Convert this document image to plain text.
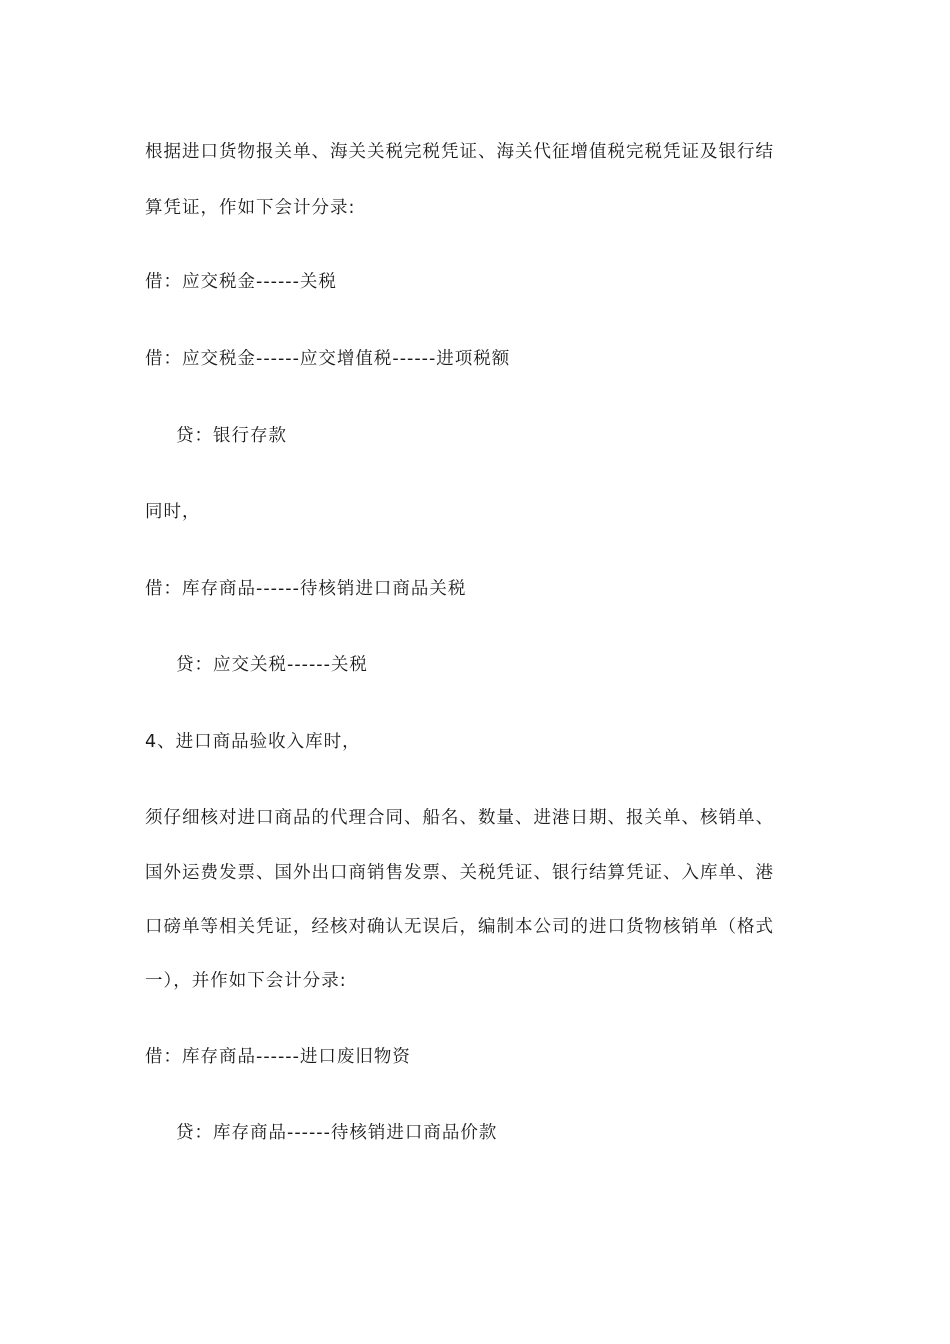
根据进口货物报关单、海关关税完税凭证、海关代征增值税完税凭证及银行结
算凭证，作如下会计分录:
借：应交税金------关税
借：应交税金------应交增值税------进项税额
贷：银行存款
同时，
借：库存商品------待核销进口商品关税
贷：应交关税------关税
4、进口商品验收入库时，
须仔细核对进口商品的代理合同、船名、数量、进港日期、报关单、核销单、
国外运费发票、国外出口商销售发票、关税凭证、银行结算凭证、入库单、港
口磅单等相关凭证，经核对确认无误后，编制本公司的进口货物核销单（格式
一），并作如下会计分录:
借：库存商品------进口废旧物资
贷：库存商品------待核销进口商品价款
